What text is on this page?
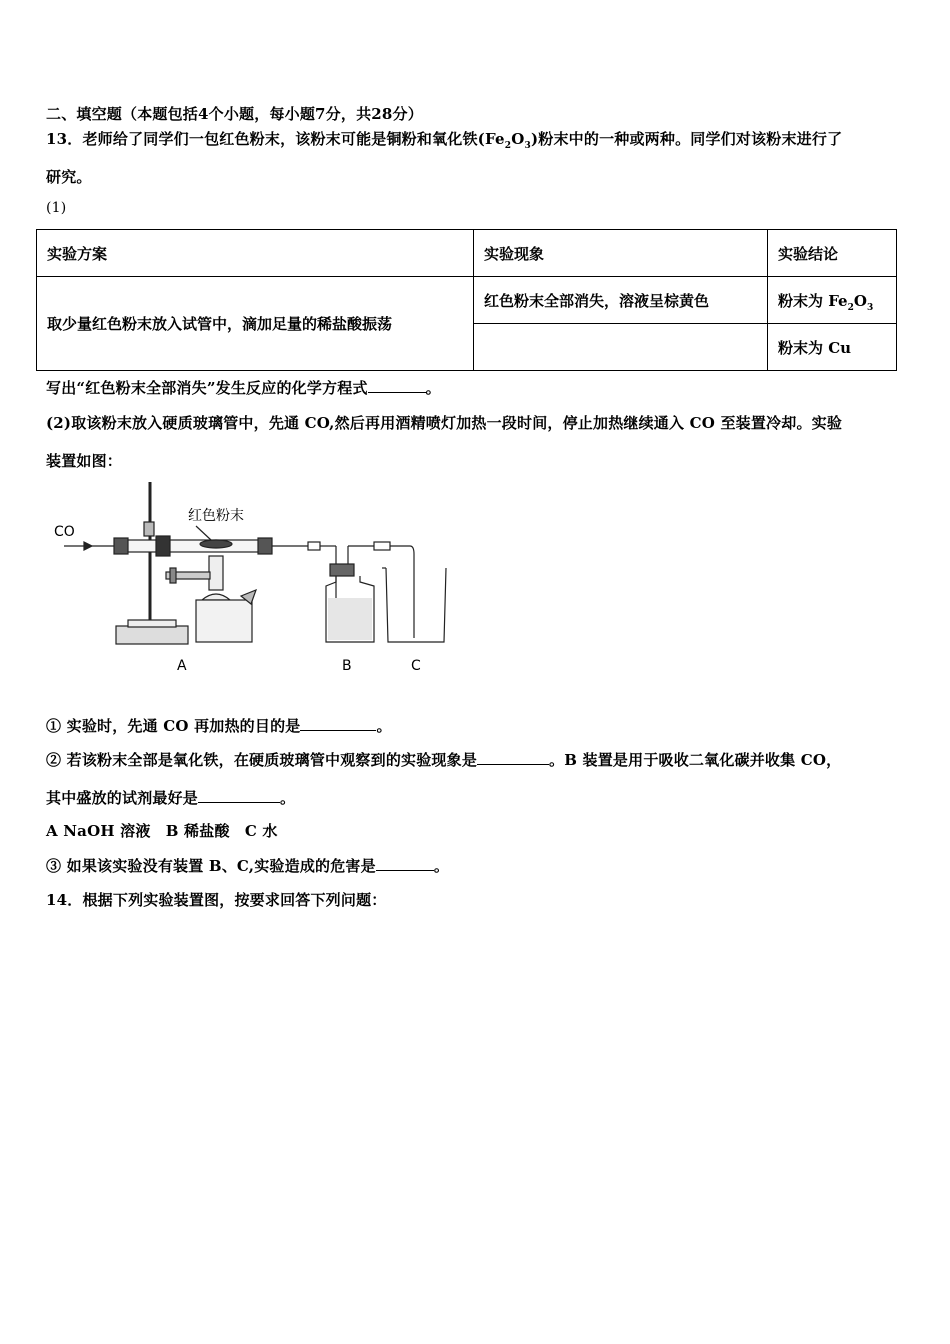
二、填空题（本题包括4个小题，每小题7分，共28分）
13．老师给了同学们一包红色粉末，该粉末可能是铜粉和氧化铁$(Fe_2O_3)$粉末中的一种或两种。同学们对该粉末进行了
研究。
(1)
实验方案	实验现象	实验结论
取少量红色粉末放入试管中，滴加足量的稀盐酸振荡	红色粉末全部消失，溶液呈棕黄色	粉末为 $Fe_2O_3$
		粉末为 Cu
写出“红色粉末全部消失”发生反应的化学方程式	。
(2)取该粉末放入硬质玻璃管中，先通 CO,然后再用酒精喷灯加热一段时间，停止加热继续通入 CO 至装置冷却。实验
装置如图：
CO
红色粉末
A	B	C
① 实验时，先通 CO 再加热的目的是	。
② 若该粉末全部是氧化铁，在硬质玻璃管中观察到的实验现象是	。B 装置是用于吸收二氧化碳并收集 CO，
其中盛放的试剂最好是	。
A NaOH 溶液　B 稀盐酸　C 水
③ 如果该实验没有装置 B、C,实验造成的危害是	。
14．根据下列实验装置图，按要求回答下列问题：
